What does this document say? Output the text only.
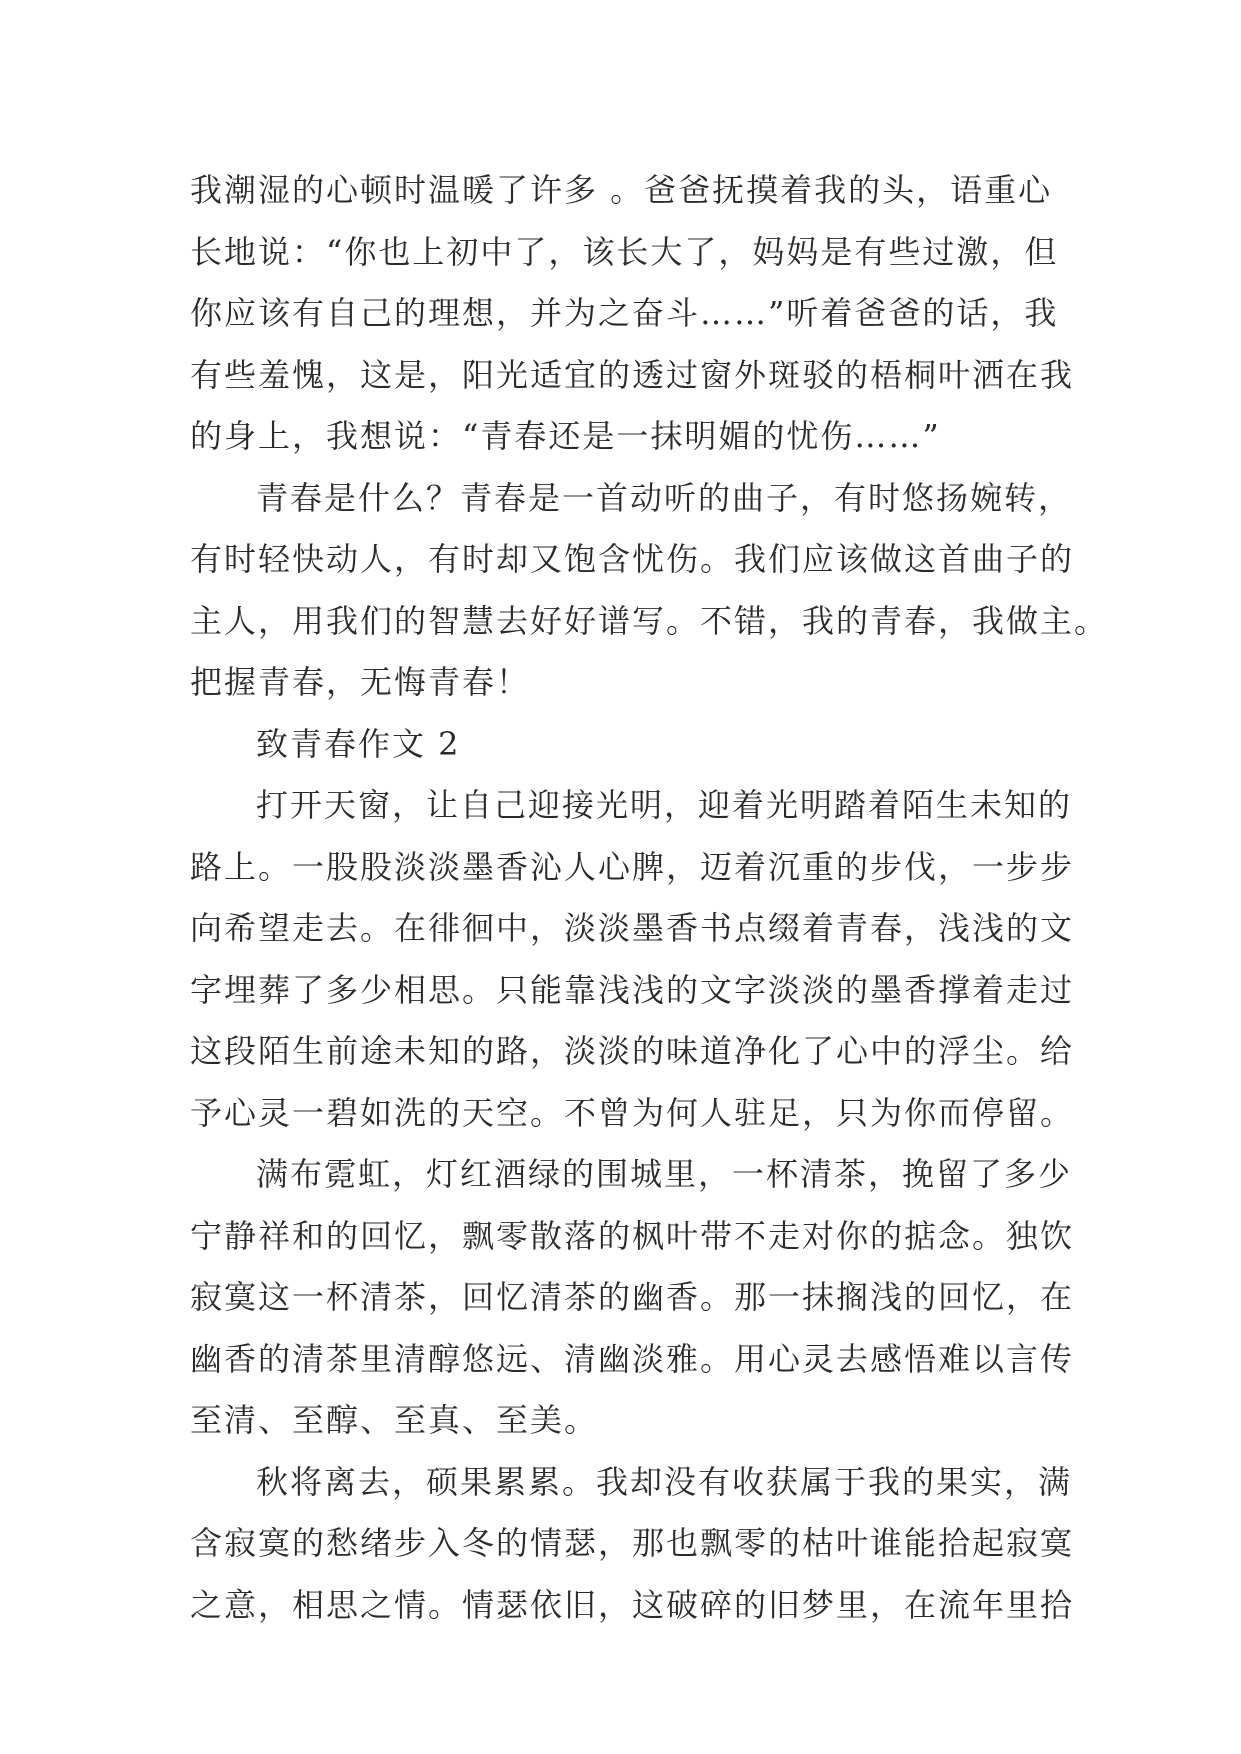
我潮湿的心顿时温暖了许多 。爸爸抚摸着我的头，语重心
长地说：“你也上初中了，该长大了，妈妈是有些过激，但
你应该有自己的理想，并为之奋斗……”听着爸爸的话，我
有些羞愧，这是，阳光适宜的透过窗外斑驳的梧桐叶洒在我
的身上，我想说：“青春还是一抹明媚的忧伤……”
青春是什么？青春是一首动听的曲子，有时悠扬婉转，
有时轻快动人，有时却又饱含忧伤。我们应该做这首曲子的
主人，用我们的智慧去好好谱写。不错，我的青春，我做主。
把握青春，无悔青春！
致青春作文 2
打开天窗，让自己迎接光明，迎着光明踏着陌生未知的
路上。一股股淡淡墨香沁人心脾，迈着沉重的步伐，一步步
向希望走去。在徘徊中，淡淡墨香书点缀着青春，浅浅的文
字埋葬了多少相思。只能靠浅浅的文字淡淡的墨香撑着走过
这段陌生前途未知的路，淡淡的味道净化了心中的浮尘。给
予心灵一碧如洗的天空。不曾为何人驻足，只为你而停留。
满布霓虹，灯红酒绿的围城里，一杯清茶，挽留了多少
宁静祥和的回忆，飘零散落的枫叶带不走对你的掂念。独饮
寂寞这一杯清茶，回忆清茶的幽香。那一抹搁浅的回忆，在
幽香的清茶里清醇悠远、清幽淡雅。用心灵去感悟难以言传
至清、至醇、至真、至美。
秋将离去，硕果累累。我却没有收获属于我的果实，满
含寂寞的愁绪步入冬的情瑟，那也飘零的枯叶谁能拾起寂寞
之意，相思之情。情瑟依旧，这破碎的旧梦里，在流年里拾
